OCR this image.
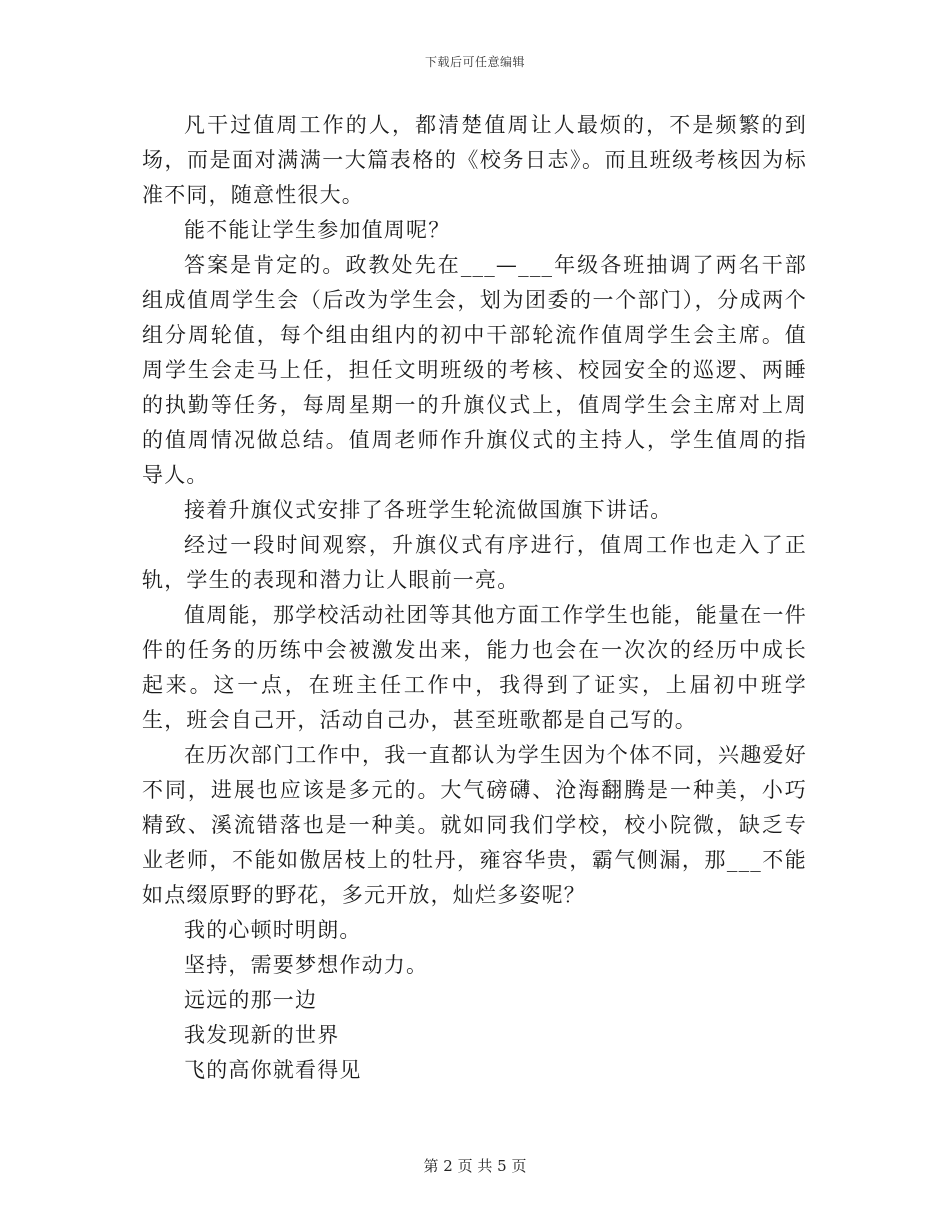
下载后可任意编辑

凡干过值周工作的人，都清楚值周让人最烦的，不是频繁的到场，而是面对满满一大篇表格的《校务日志》。而且班级考核因为标准不同，随意性很大。

能不能让学生参加值周呢？

答案是肯定的。政教处先在___—___年级各班抽调了两名干部组成值周学生会（后改为学生会，划为团委的一个部门），分成两个组分周轮值，每个组由组内的初中干部轮流作值周学生会主席。值周学生会走马上任，担任文明班级的考核、校园安全的巡逻、两睡的执勤等任务，每周星期一的升旗仪式上，值周学生会主席对上周的值周情况做总结。值周老师作升旗仪式的主持人，学生值周的指导人。

接着升旗仪式安排了各班学生轮流做国旗下讲话。

经过一段时间观察，升旗仪式有序进行，值周工作也走入了正轨，学生的表现和潜力让人眼前一亮。

值周能，那学校活动社团等其他方面工作学生也能，能量在一件件的任务的历练中会被激发出来，能力也会在一次次的经历中成长起来。这一点，在班主任工作中，我得到了证实，上届初中班学生，班会自己开，活动自己办，甚至班歌都是自己写的。

在历次部门工作中，我一直都认为学生因为个体不同，兴趣爱好不同，进展也应该是多元的。大气磅礴、沧海翻腾是一种美，小巧精致、溪流错落也是一种美。就如同我们学校，校小院微，缺乏专业老师，不能如傲居枝上的牡丹，雍容华贵，霸气侧漏，那___不能如点缀原野的野花，多元开放，灿烂多姿呢？

我的心顿时明朗。

坚持，需要梦想作动力。

远远的那一边

我发现新的世界

飞的高你就看得见

第 2 页 共 5 页
